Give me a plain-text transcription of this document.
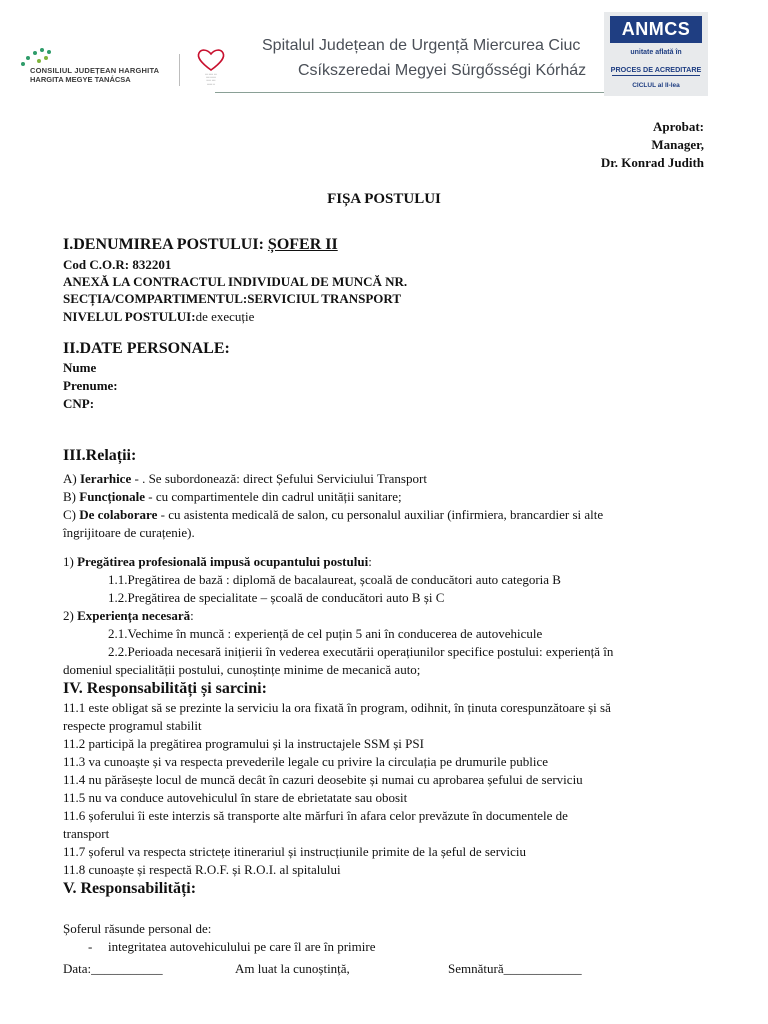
CONSILIUL JUDEȚEAN HARGHITA
HARGITA MEGYE TANÁCSA
▪▪▪ ▪▪▪▪▪ ▪▪▪
▪▪▪▪ ▪▪▪▪▪▪
▪▪▪▪▪ ▪▪▪▪
▪▪▪▪▪▪ ▪▪
Spitalul Județean de Urgență Miercurea Ciuc
Csíkszeredai Megyei Sürgősségi Kórház
ANMCS
unitate aflată în
PROCES DE ACREDITARE
CICLUL al II-lea
Aprobat:
Manager,
Dr. Konrad Judith
FIȘA POSTULUI
I.DENUMIREA POSTULUI: ȘOFER II
Cod C.O.R: 832201
ANEXĂ LA CONTRACTUL INDIVIDUAL DE MUNCĂ NR.
SECȚIA/COMPARTIMENTUL:SERVICIUL TRANSPORT
NIVELUL POSTULUI:de execuție
II.DATE PERSONALE:
Nume
Prenume:
CNP:
III.Relații:
A) Ierarhice - . Se subordonează: direct Șefului Serviciului Transport
B) Funcționale - cu compartimentele din cadrul unității sanitare;
C) De colaborare - cu asistenta medicală de salon, cu personalul auxiliar (infirmiera, brancardier si alte
îngrijitoare de curațenie).
1) Pregătirea profesională impusă ocupantului postului:
1.1.Pregătirea de bază : diplomă de bacalaureat, școală de conducători auto categoria B
1.2.Pregătirea de specialitate – școală de conducători auto B și C
2) Experiența necesară:
2.1.Vechime în muncă : experiență de cel puțin 5 ani în conducerea de autovehicule
2.2.Perioada necesară inițierii în vederea executării operațiunilor specifice postului: experiență în
domeniul specialității postului, cunoștințe minime de mecanică auto;
IV. Responsabilități și sarcini:
11.1 este obligat să se prezinte la serviciu la ora fixată în program, odihnit, în ținuta corespunzătoare și să
respecte programul stabilit
11.2 participă la pregătirea programului și la instructajele SSM și PSI
11.3 va cunoaște și va respecta prevederile legale cu privire la circulația pe drumurile publice
11.4 nu părăsește locul de muncă decât în cazuri deosebite și numai cu aprobarea șefului de serviciu
11.5 nu va conduce autovehiculul în stare de ebrietatate sau obosit
11.6 șoferului îi este interzis să transporte alte mărfuri în afara celor prevăzute în documentele de
transport
11.7 șoferul va respecta strictețe itinerariul și instrucțiunile primite de la șeful de serviciu
11.8 cunoaște și respectă R.O.F. și R.O.I. al spitalului
V. Responsabilități:
Șoferul răsunde personal de:
- integritatea autovehiculului pe care îl are în primire
Data:___________	Am luat la cunoștință,	Semnătură____________
